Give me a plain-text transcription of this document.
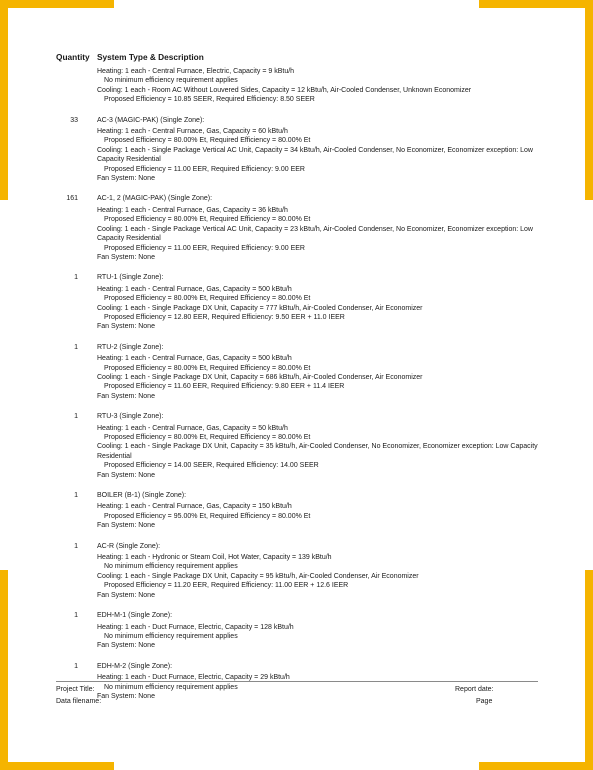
Quantity System Type & Description
Heating: 1 each - Central Furnace, Electric, Capacity = 9 kBtu/h
No minimum efficiency requirement applies
Cooling: 1 each - Room AC Without Louvered Sides, Capacity = 12 kBtu/h, Air-Cooled Condenser, Unknown Economizer
Proposed Efficiency = 10.85 SEER, Required Efficiency: 8.50 SEER
33	AC-3 (MAGIC-PAK) (Single Zone):
Heating: 1 each - Central Furnace, Gas, Capacity = 60 kBtu/h
Proposed Efficiency = 80.00% Et, Required Efficiency = 80.00% Et
Cooling: 1 each - Single Package Vertical AC Unit, Capacity = 34 kBtu/h, Air-Cooled Condenser, No Economizer, Economizer exception: Low Capacity Residential
Proposed Efficiency = 11.00 EER, Required Efficiency: 9.00 EER
Fan System: None
161	AC-1, 2 (MAGIC-PAK) (Single Zone):
Heating: 1 each - Central Furnace, Gas, Capacity = 36 kBtu/h
Proposed Efficiency = 80.00% Et, Required Efficiency = 80.00% Et
Cooling: 1 each - Single Package Vertical AC Unit, Capacity = 23 kBtu/h, Air-Cooled Condenser, No Economizer, Economizer exception: Low Capacity Residential
Proposed Efficiency = 11.00 EER, Required Efficiency: 9.00 EER
Fan System: None
1	RTU-1 (Single Zone):
Heating: 1 each - Central Furnace, Gas, Capacity = 500 kBtu/h
Proposed Efficiency = 80.00% Et, Required Efficiency = 80.00% Et
Cooling: 1 each - Single Package DX Unit, Capacity = 777 kBtu/h, Air-Cooled Condenser, Air Economizer
Proposed Efficiency = 12.80 EER, Required Efficiency: 9.50 EER + 11.0 IEER
Fan System: None
1	RTU-2 (Single Zone):
Heating: 1 each - Central Furnace, Gas, Capacity = 500 kBtu/h
Proposed Efficiency = 80.00% Et, Required Efficiency = 80.00% Et
Cooling: 1 each - Single Package DX Unit, Capacity = 686 kBtu/h, Air-Cooled Condenser, Air Economizer
Proposed Efficiency = 11.60 EER, Required Efficiency: 9.80 EER + 11.4 IEER
Fan System: None
1	RTU-3 (Single Zone):
Heating: 1 each - Central Furnace, Gas, Capacity = 50 kBtu/h
Proposed Efficiency = 80.00% Et, Required Efficiency = 80.00% Et
Cooling: 1 each - Single Package DX Unit, Capacity = 35 kBtu/h, Air-Cooled Condenser, No Economizer, Economizer exception: Low Capacity Residential
Proposed Efficiency = 14.00 SEER, Required Efficiency: 14.00 SEER
Fan System: None
1	BOILER (B-1) (Single Zone):
Heating: 1 each - Central Furnace, Gas, Capacity = 150 kBtu/h
Proposed Efficiency = 95.00% Et, Required Efficiency = 80.00% Et
Fan System: None
1	AC-R (Single Zone):
Heating: 1 each - Hydronic or Steam Coil, Hot Water, Capacity = 139 kBtu/h
No minimum efficiency requirement applies
Cooling: 1 each - Single Package DX Unit, Capacity = 95 kBtu/h, Air-Cooled Condenser, Air Economizer
Proposed Efficiency = 11.20 EER, Required Efficiency: 11.00 EER + 12.6 IEER
Fan System: None
1	EDH-M-1 (Single Zone):
Heating: 1 each - Duct Furnace, Electric, Capacity = 128 kBtu/h
No minimum efficiency requirement applies
Fan System: None
1	EDH-M-2 (Single Zone):
Heating: 1 each - Duct Furnace, Electric, Capacity = 29 kBtu/h
No minimum efficiency requirement applies
Fan System: None
Project Title:
Data filename:
Report date:
Page
